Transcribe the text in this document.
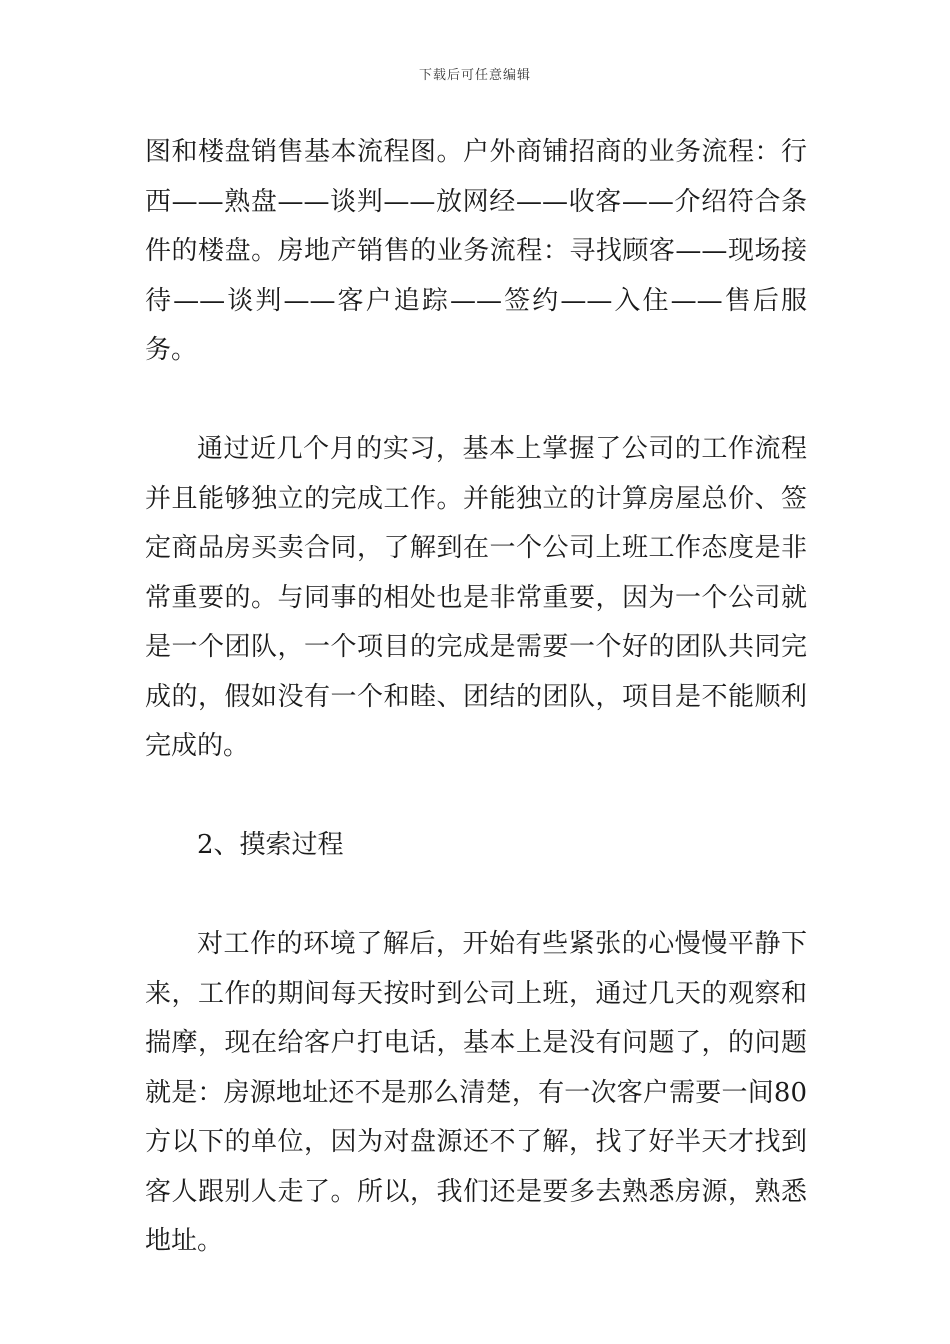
下载后可任意编辑

图和楼盘销售基本流程图。户外商铺招商的业务流程：行西——熟盘——谈判——放网经——收客——介绍符合条件的楼盘。房地产销售的业务流程：寻找顾客——现场接待——谈判——客户追踪——签约——入住——售后服务。

通过近几个月的实习，基本上掌握了公司的工作流程并且能够独立的完成工作。并能独立的计算房屋总价、签定商品房买卖合同，了解到在一个公司上班工作态度是非常重要的。与同事的相处也是非常重要，因为一个公司就是一个团队，一个项目的完成是需要一个好的团队共同完成的，假如没有一个和睦、团结的团队，项目是不能顺利完成的。

2、摸索过程

对工作的环境了解后，开始有些紧张的心慢慢平静下来，工作的期间每天按时到公司上班，通过几天的观察和揣摩，现在给客户打电话，基本上是没有问题了，的问题就是：房源地址还不是那么清楚，有一次客户需要一间80方以下的单位，因为对盘源还不了解，找了好半天才找到客人跟别人走了。所以，我们还是要多去熟悉房源，熟悉地址。
